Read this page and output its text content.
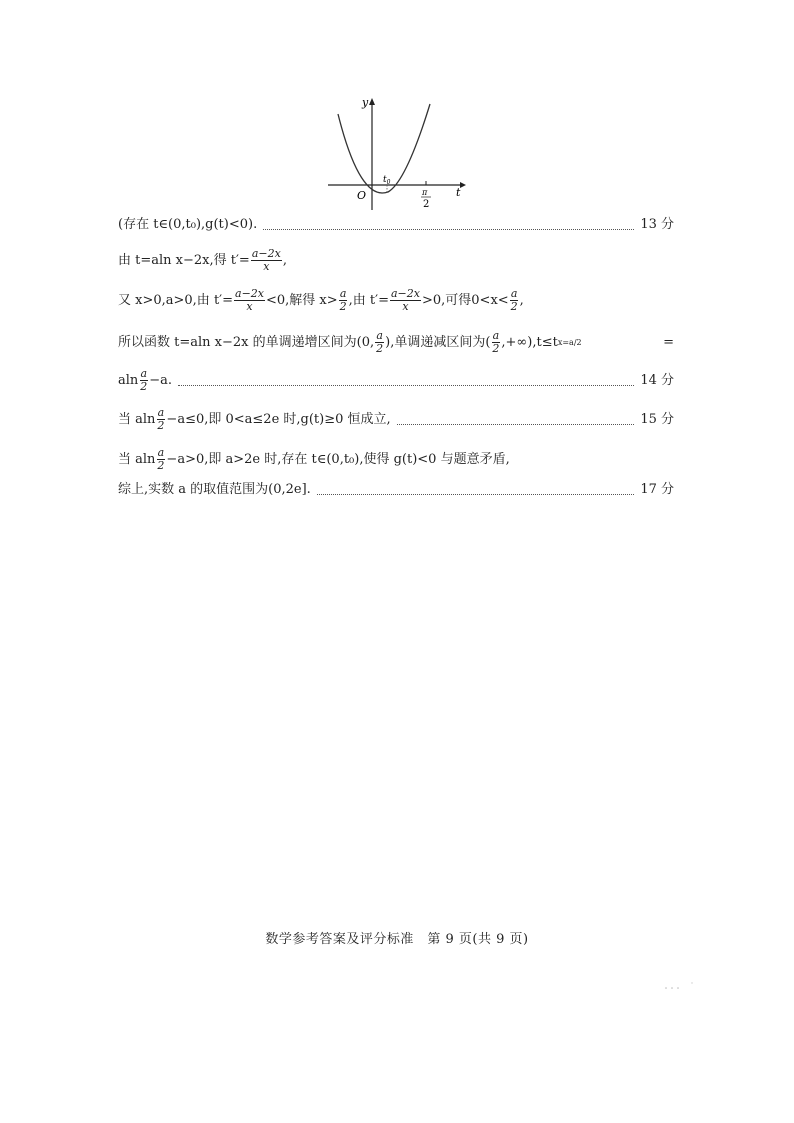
y
t
O
$t_0$
π
2
(存在 t∈(0,t₀),g(t)<0).	13 分
由 t=aln x−2x,得 $t'= \frac{a-2x}{x}$ ,
又 x>0,a>0,由 $t'= \frac{a-2x}{x} <0$,解得 $x> \frac{a}{2}$ ,由 $t'= \frac{a-2x}{x} >0$,可得$0<x< \frac{a}{2}$ ,
所以函数 t=aln x−2x 的单调递增区间为 (0, $\frac{a}{2}$ ) ,单调递减区间为 ( $\frac{a}{2}$ ,+∞) ,t≤t x=a/2	=
aln $\frac{a}{2} -a$.	14 分
当 aln $\frac{a}{2} -a\le 0$,即 0<a≤2e 时,g(t)≥0 恒成立,	15 分
当 aln $\frac{a}{2} -a>0$,即 a>2e 时,存在 t∈(0,t₀),使得 g(t)<0 与题意矛盾,
综上,实数 a 的取值范围为(0,2e].	17 分
数学参考答案及评分标准　第 9 页(共 9 页)
